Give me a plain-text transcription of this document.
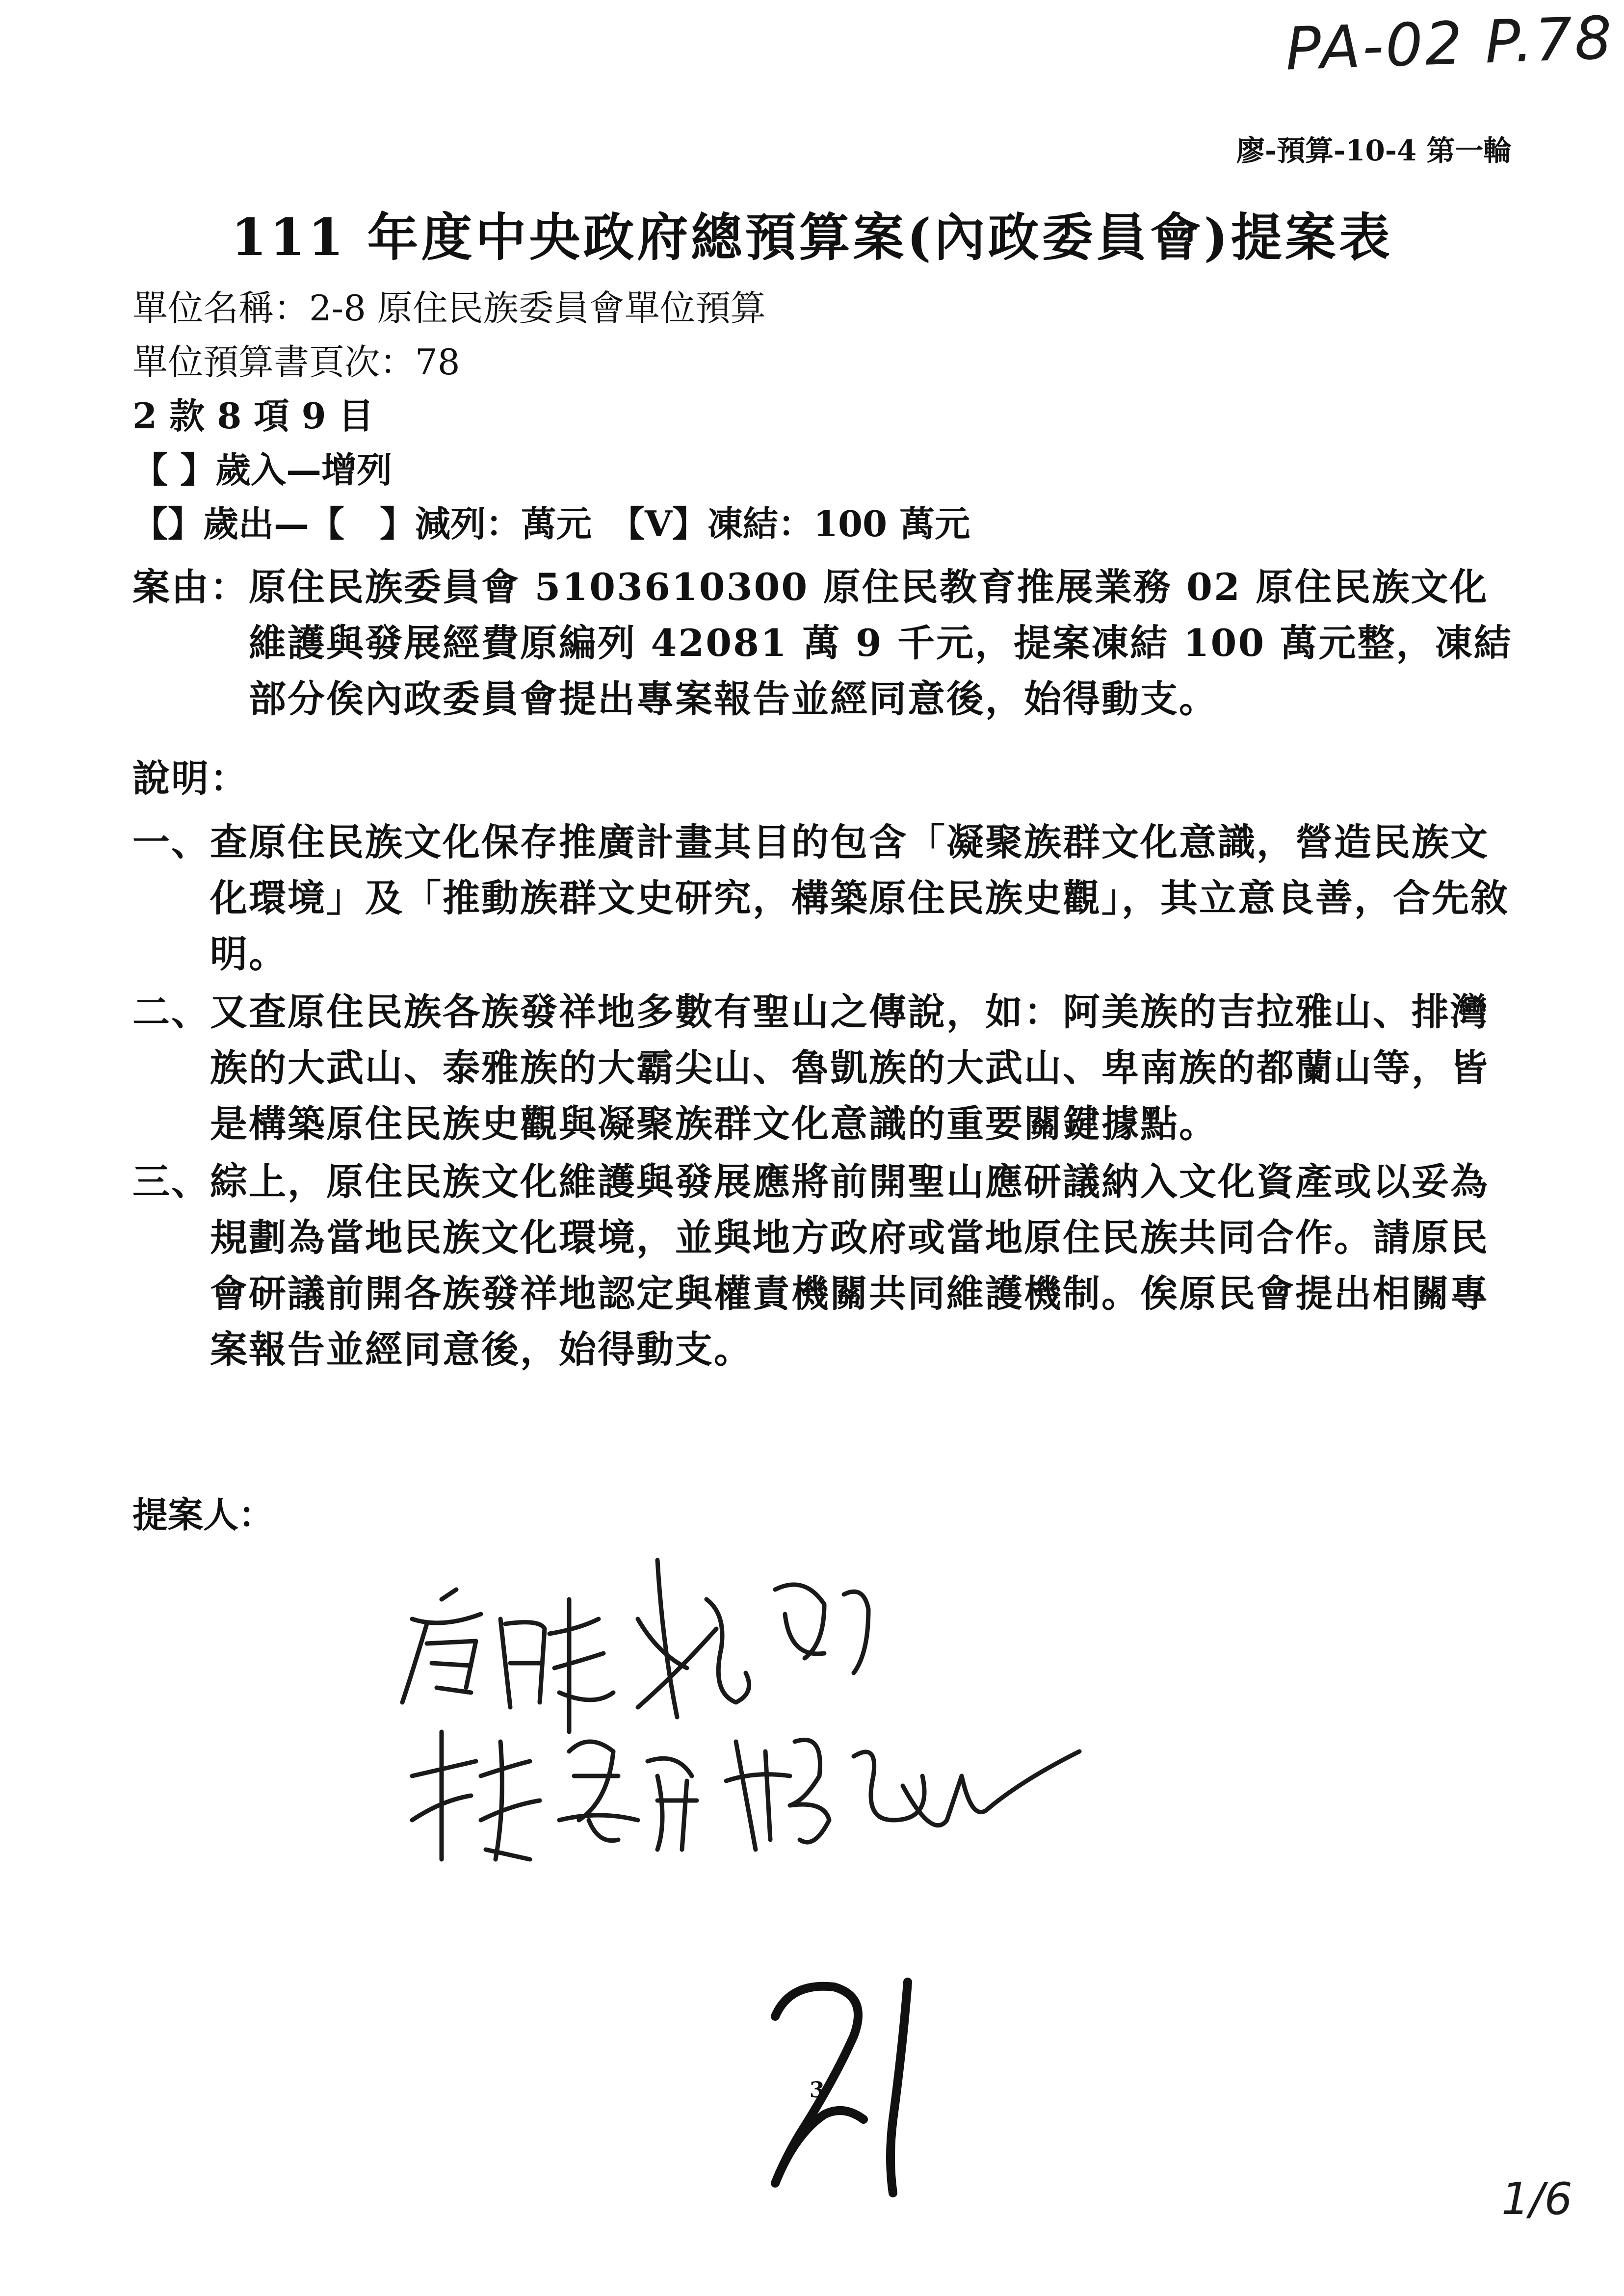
PA-02 P.78
廖-預算-10-4 第一輪
111 年度中央政府總預算案(內政委員會)提案表
單位名稱：2-8 原住民族委員會單位預算
單位預算書頁次：78
2 款 8 項 9 目
【 】歲入—增列
【】歲出—【　】減列：萬元　【V】凍結：100 萬元
案由： 原住民族委員會 5103610300 原住民教育推展業務 02 原住民族文化維護與發展經費原編列 42081 萬 9 千元，提案凍結 100 萬元整，凍結部分俟內政委員會提出專案報告並經同意後，始得動支。
說明：
一、 查原住民族文化保存推廣計畫其目的包含「凝聚族群文化意識，營造民族文化環境」及「推動族群文史研究，構築原住民族史觀」，其立意良善，合先敘明。
二、 又查原住民族各族發祥地多數有聖山之傳說，如：阿美族的吉拉雅山、排灣族的大武山、泰雅族的大霸尖山、魯凱族的大武山、卑南族的都蘭山等，皆是構築原住民族史觀與凝聚族群文化意識的重要關鍵據點。
三、 綜上，原住民族文化維護與發展應將前開聖山應研議納入文化資產或以妥為規劃為當地民族文化環境，並與地方政府或當地原住民族共同合作。請原民會研議前開各族發祥地認定與權責機關共同維護機制。俟原民會提出相關專案報告並經同意後，始得動支。
提案人：
3
1/6
